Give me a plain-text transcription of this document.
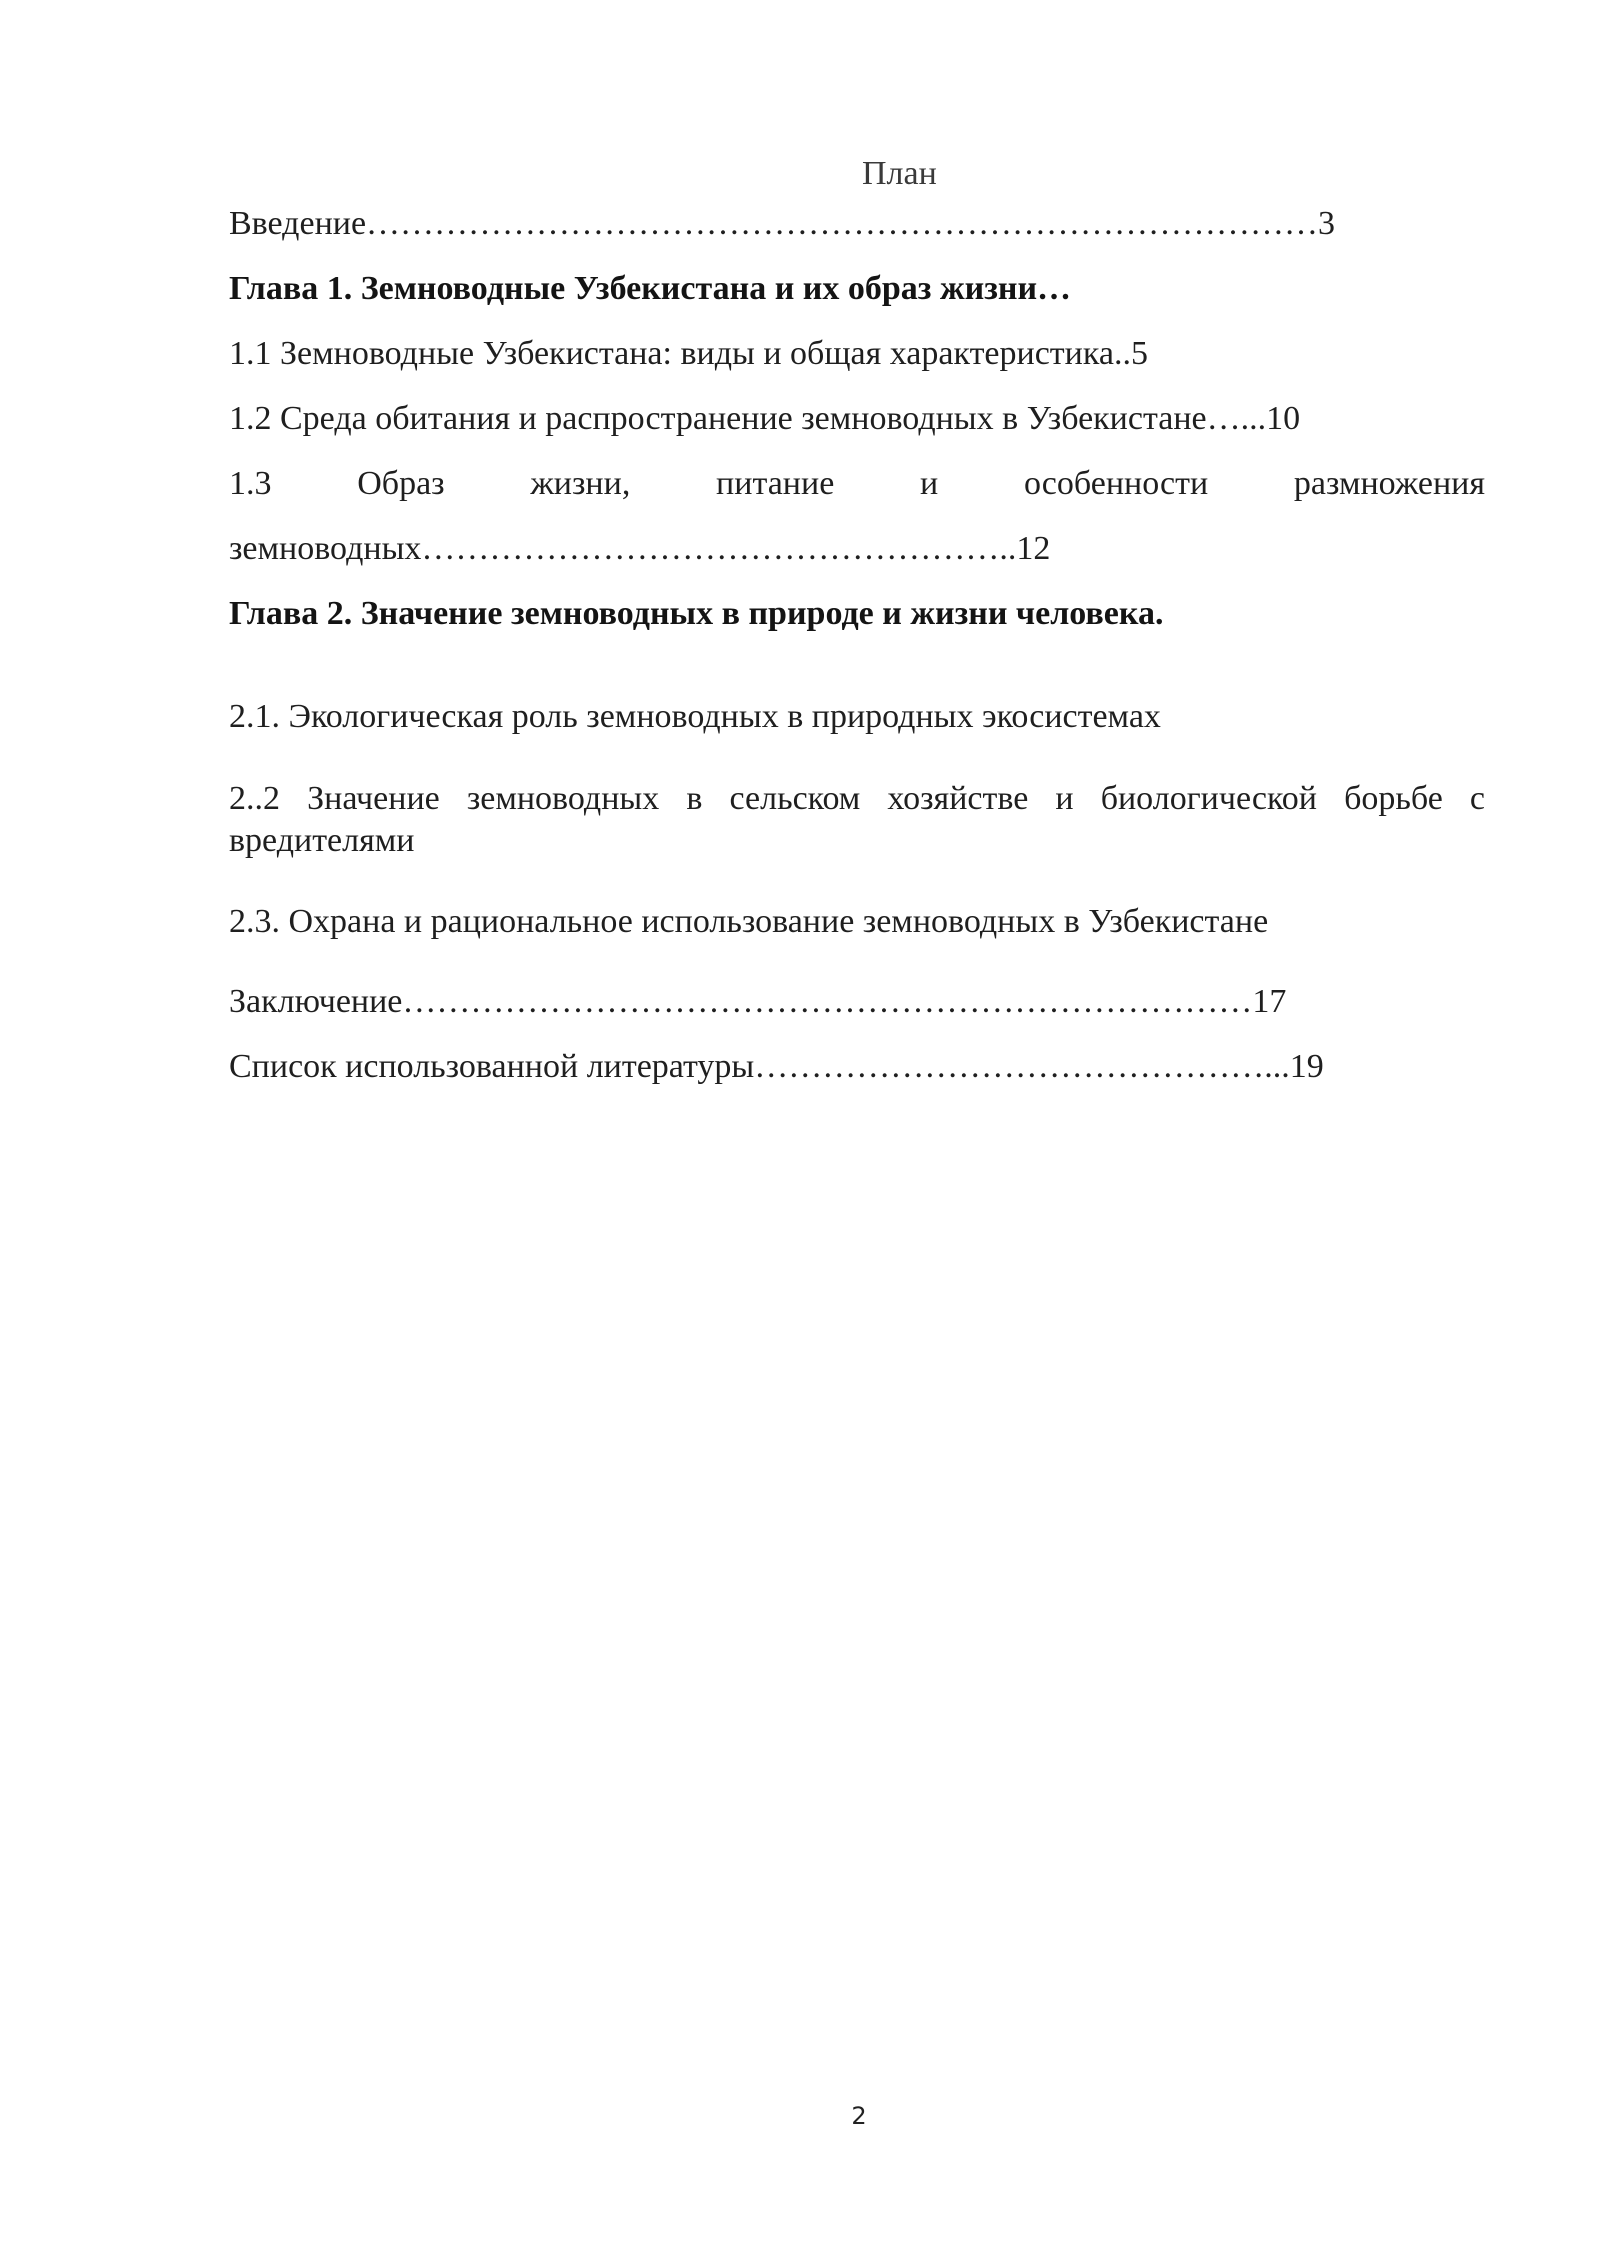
План
Введение…………………………………………………………………………3
Глава 1. Земноводные Узбекистана и их образ жизни…
1.1 Земноводные Узбекистана: виды и общая характеристика..5
1.2 Среда обитания и распространение земноводных в Узбекистане…...10
1.3	Образ	жизни,	питание	и	особенности	размножения
земноводных……………………………………………..12
Глава 2. Значение земноводных в природе и жизни человека.
2.1. Экологическая роль земноводных в природных экосистемах
2..2 Значение земноводных в сельском хозяйстве и биологической борьбе с
вредителями
2.3. Охрана и рациональное использование земноводных в Узбекистане
Заключение…………………………………………………………………17
Список использованной литературы………………………………………...19
2
